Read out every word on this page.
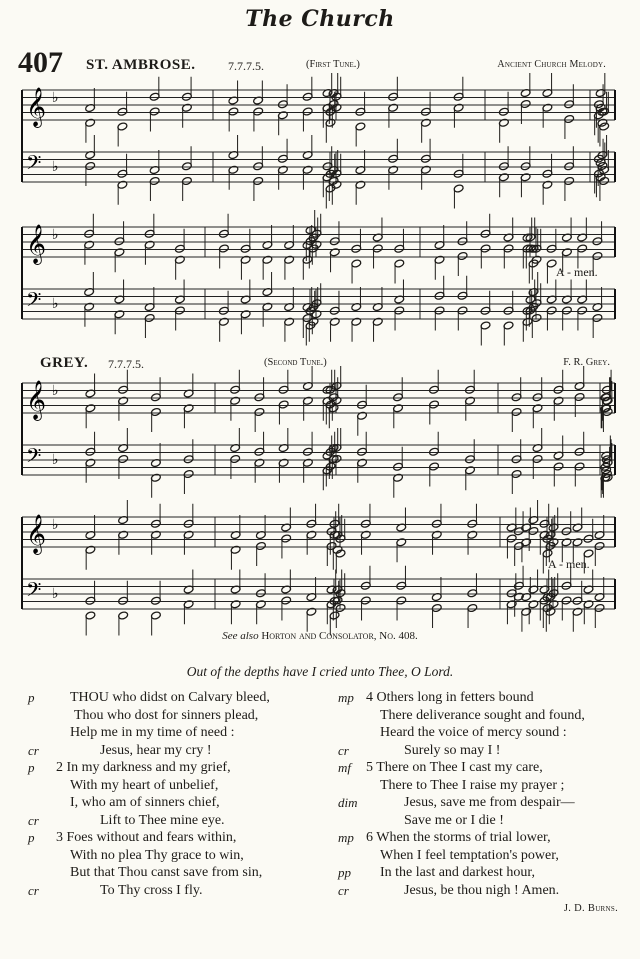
The Church
407 ST. AMBROSE.	7.7.7.5.	(First Tune.)	Ancient Church Melody.
GREY. 7.7.7.5.	(Second Tune.)	F. R. Grey.
𝄞
𝄢
♭
♭
𝄞
𝄢
♭
♭
𝄞
𝄢
♭
♭
𝄞
𝄢
♭
♭
A - men.
A - men.
See also Horton and Consolator, No. 408.
Out of the depths have I cried unto Thee, O Lord.
p	THOU who didst on Calvary bleed,
Thou who dost for sinners plead,
Help me in my time of need :
cr	Jesus, hear my cry !
p 2 In my darkness and my grief,
With my heart of unbelief,
I, who am of sinners chief,
cr	Lift to Thee mine eye.
p 3 Foes without and fears within,
With no plea Thy grace to win,
But that Thou canst save from sin,
cr	To Thy cross I fly.
mp 4 Others long in fetters bound
There deliverance sought and found,
Heard the voice of mercy sound :
cr	Surely so may I !
mf 5 There on Thee I cast my care,
There to Thee I raise my prayer ;
dim	Jesus, save me from despair—
Save me or I die !
mp 6 When the storms of trial lower,
When I feel temptation's power,
pp In the last and darkest hour,
cr	Jesus, be thou nigh ! Amen.
J. D. Burns.
